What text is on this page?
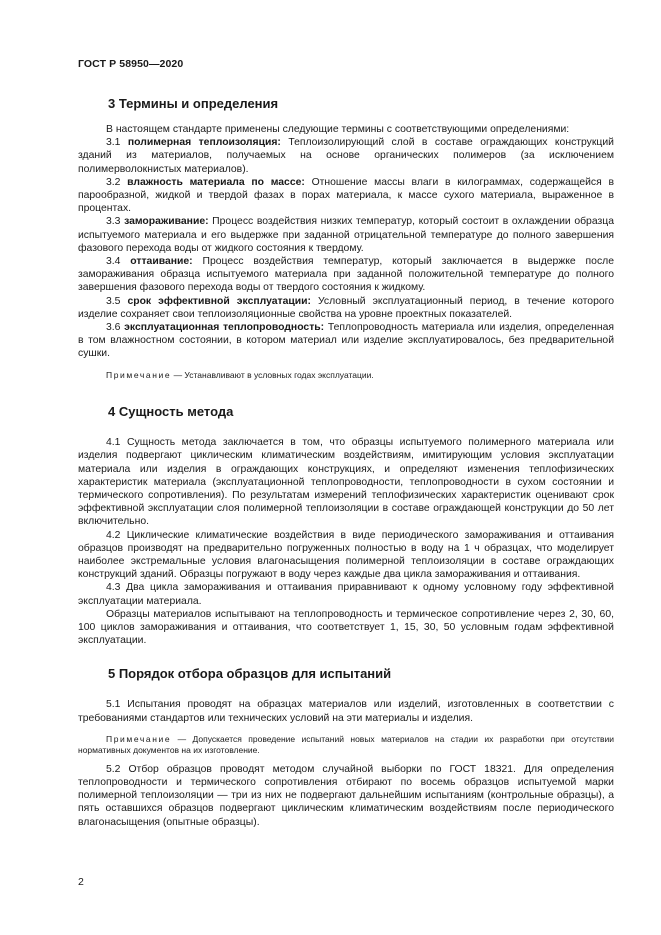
ГОСТ Р 58950—2020
3 Термины и определения

В настоящем стандарте применены следующие термины с соответствующими определениями:

3.1 полимерная теплоизоляция: Теплоизолирующий слой в составе ограждающих конструкций зданий из материалов, получаемых на основе органических полимеров (за исключением полимерволокнистых материалов).

3.2 влажность материала по массе: Отношение массы влаги в килограммах, содержащейся в парообразной, жидкой и твердой фазах в порах материала, к массе сухого материала, выраженное в процентах.

3.3 замораживание: Процесс воздействия низких температур, который состоит в охлаждении образца испытуемого материала и его выдержке при заданной отрицательной температуре до полного завершения фазового перехода воды от жидкого состояния к твердому.

3.4 оттаивание: Процесс воздействия температур, который заключается в выдержке после замораживания образца испытуемого материала при заданной положительной температуре до полного завершения фазового перехода воды от твердого состояния к жидкому.

3.5 срок эффективной эксплуатации: Условный эксплуатационный период, в течение которого изделие сохраняет свои теплоизоляционные свойства на уровне проектных показателей.

3.6 эксплуатационная теплопроводность: Теплопроводность материала или изделия, определенная в том влажностном состоянии, в котором материал или изделие эксплуатировалось, без предварительной сушки.

Примечание — Устанавливают в условных годах эксплуатации.

4 Сущность метода

4.1 Сущность метода заключается в том, что образцы испытуемого полимерного материала или изделия подвергают циклическим климатическим воздействиям, имитирующим условия эксплуатации материала или изделия в ограждающих конструкциях, и определяют изменения теплофизических характеристик материала (эксплуатационной теплопроводности, теплопроводности в сухом состоянии и термического сопротивления). По результатам измерений теплофизических характеристик оценивают срок эффективной эксплуатации слоя полимерной теплоизоляции в составе ограждающей конструкции до 50 лет включительно.

4.2 Циклические климатические воздействия в виде периодического замораживания и оттаивания образцов производят на предварительно погруженных полностью в воду на 1 ч образцах, что моделирует наиболее экстремальные условия влагонасыщения полимерной теплоизоляции в составе ограждающих конструкций зданий. Образцы погружают в воду через каждые два цикла замораживания и оттаивания.

4.3 Два цикла замораживания и оттаивания приравнивают к одному условному году эффективной эксплуатации материала.

Образцы материалов испытывают на теплопроводность и термическое сопротивление через 2, 30, 60, 100 циклов замораживания и оттаивания, что соответствует 1, 15, 30, 50 условным годам эффективной эксплуатации.

5 Порядок отбора образцов для испытаний

5.1 Испытания проводят на образцах материалов или изделий, изготовленных в соответствии с требованиями стандартов или технических условий на эти материалы и изделия.

Примечание — Допускается проведение испытаний новых материалов на стадии их разработки при отсутствии нормативных документов на их изготовление.

5.2 Отбор образцов проводят методом случайной выборки по ГОСТ 18321. Для определения теплопроводности и термического сопротивления отбирают по восемь образцов испытуемой марки полимерной теплоизоляции — три из них не подвергают дальнейшим испытаниям (контрольные образцы), а пять оставшихся образцов подвергают циклическим климатическим воздействиям после периодического влагонасыщения (опытные образцы).

2
